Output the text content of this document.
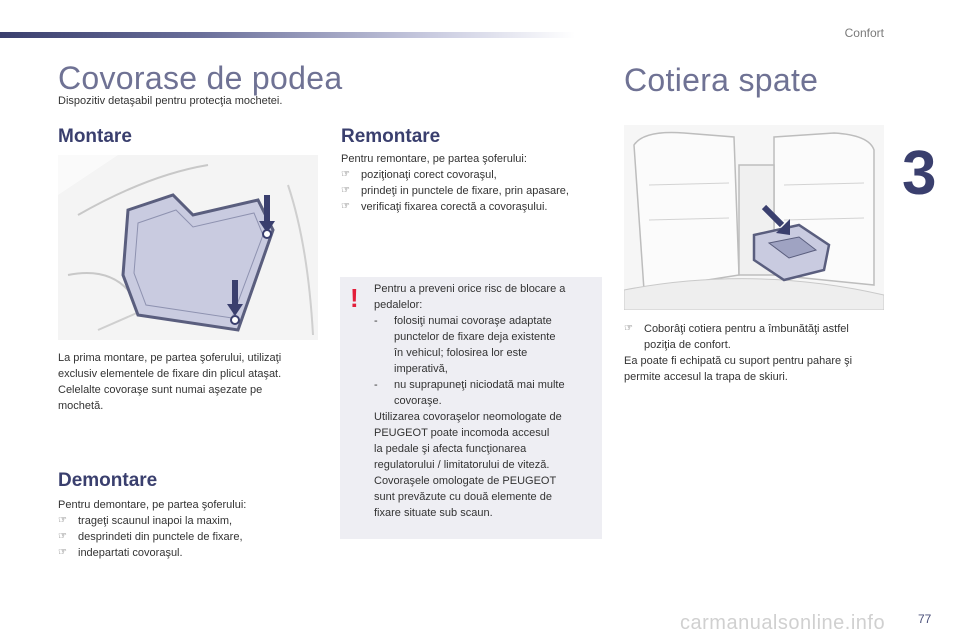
Confort
3
Covorase de podea
Dispozitiv detaşabil pentru protecţia mochetei.
Montare

La prima montare, pe partea şoferului, utilizaţi

exclusiv elementele de fixare din plicul ataşat.

Celelalte covoraşe sunt numai aşezate pe

mochetă.

Demontare

Pentru demontare, pe partea şoferului:

☞	trageţi scaunul inapoi la maxim,
☞	desprindeti din punctele de fixare,
☞	indepartati covoraşul.
Remontare

Pentru remontare, pe partea şoferului:

☞	poziţionaţi corect covoraşul,
☞	prindeţi in punctele de fixare, prin apasare,
☞	verificaţi fixarea corectă a covoraşului.
! Pentru a preveni orice risc de blocare a

pedalelor:

-	folosiţi numai covoraşe adaptate

punctelor de fixare deja existente

în vehicul; folosirea lor este

imperativă,

-	nu suprapuneţi niciodată mai multe

covoraşe.

Utilizarea covoraşelor neomologate de

PEUGEOT poate incomoda accesul

la pedale şi afecta funcţionarea

regulatorului / limitatorului de viteză.

Covoraşele omologate de PEUGEOT

sunt prevăzute cu două elemente de

fixare situate sub scaun.

Cotiera spate
☞	Coborâţi cotiera pentru a îmbunătăţi astfel

poziţia de confort.

Ea poate fi echipată cu suport pentru pahare şi

permite accesul la trapa de skiuri.

carmanualsonline.info	77
